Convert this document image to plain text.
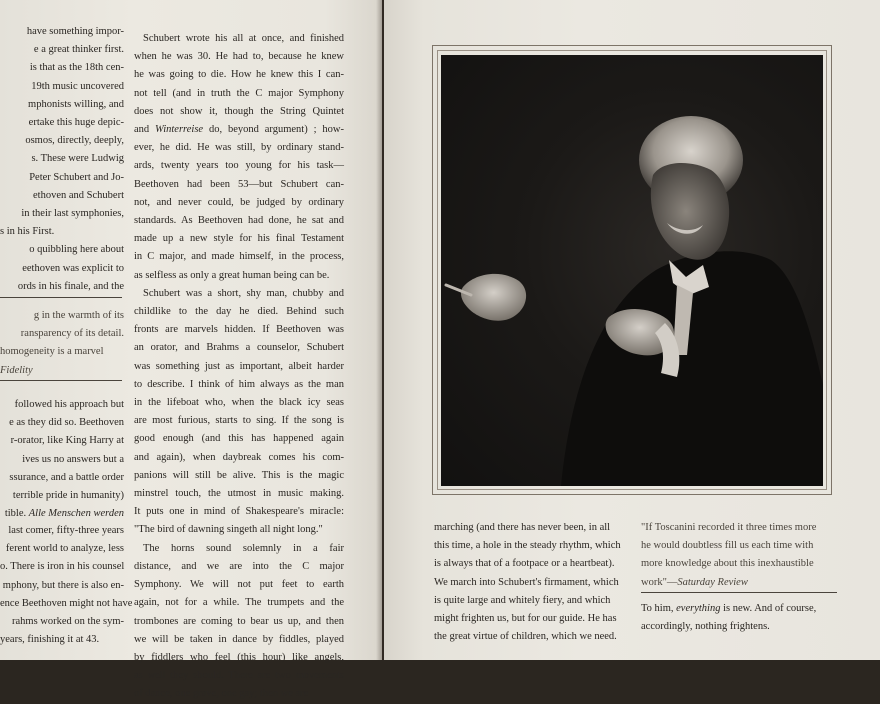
have something impor-
e a great thinker first.
is that as the 18th cen-
19th music uncovered
mphonists willing, and
ertake this huge depic-
osmos, directly, deeply,
s. These were Ludwig
Peter Schubert and Jo-
ethoven and Schubert
in their last symphonies,
s in his First.
o quibbling here about
eethoven was explicit to
ords in his finale, and the
g in the warmth of its
ransparency of its detail.
homogeneity is a marvel
Fidelity
followed his approach but
e as they did so. Beethoven
r-orator, like King Harry at
ives us no answers but a
ssurance, and a battle order
terrible pride in humanity)
tible. Alle Menschen werden
last comer, fifty-three years
ferent world to analyze, less
o. There is iron in his counsel
mphony, but there is also en-
ence Beethoven might not have
rahms worked on the sym-
years, finishing it at 43.
Schubert wrote his all at once, and finished
when he was 30. He had to, because he knew
he was going to die. How he knew this I can-
not tell (and in truth the C major Symphony
does not show it, though the String Quintet
and Winterreise do, beyond argument) ; how-
ever, he did. He was still, by ordinary stand-
ards, twenty years too young for his task—
Beethoven had been 53—but Schubert can-
not, and never could, be judged by ordinary
standards. As Beethoven had done, he sat and
made up a new style for his final Testament
in C major, and made himself, in the process,
as selfless as only a great human being can be.
Schubert was a short, shy man, chubby and
childlike to the day he died. Behind such
fronts are marvels hidden. If Beethoven was
an orator, and Brahms a counselor, Schubert
was something just as important, albeit harder
to describe. I think of him always as the man
in the lifeboat who, when the black icy seas
are most furious, starts to sing. If the song is
good enough (and this has happened again
and again), when daybreak comes his com-
panions will still be alive. This is the magic
minstrel touch, the utmost in music making.
It puts one in mind of Shakespeare's miracle:
"The bird of dawning singeth all night long."
The horns sound solemnly in a fair
distance, and we are into the C major
Symphony. We will not put feet to earth
again, not for a while. The trumpets and the
trombones are coming to bear us up, and then
we will be taken in dance by fiddles, played
by fiddlers who feel (this hour) like angels,
as well they should. There are two movements
of dance, one grave, one gay; then we are
marching (and there has never been, in all
this time, a hole in the steady rhythm, which
is always that of a footpace or a heartbeat).
We march into Schubert's firmament, which
is quite large and whitely fiery, and which
might frighten us, but for our guide. He has
the great virtue of children, which we need.
"If Toscanini recorded it three times more
he would doubtless fill us each time with
more knowledge about this inexhaustible
work"—Saturday Review
To him, everything is new. And of course,
accordingly, nothing frightens.
